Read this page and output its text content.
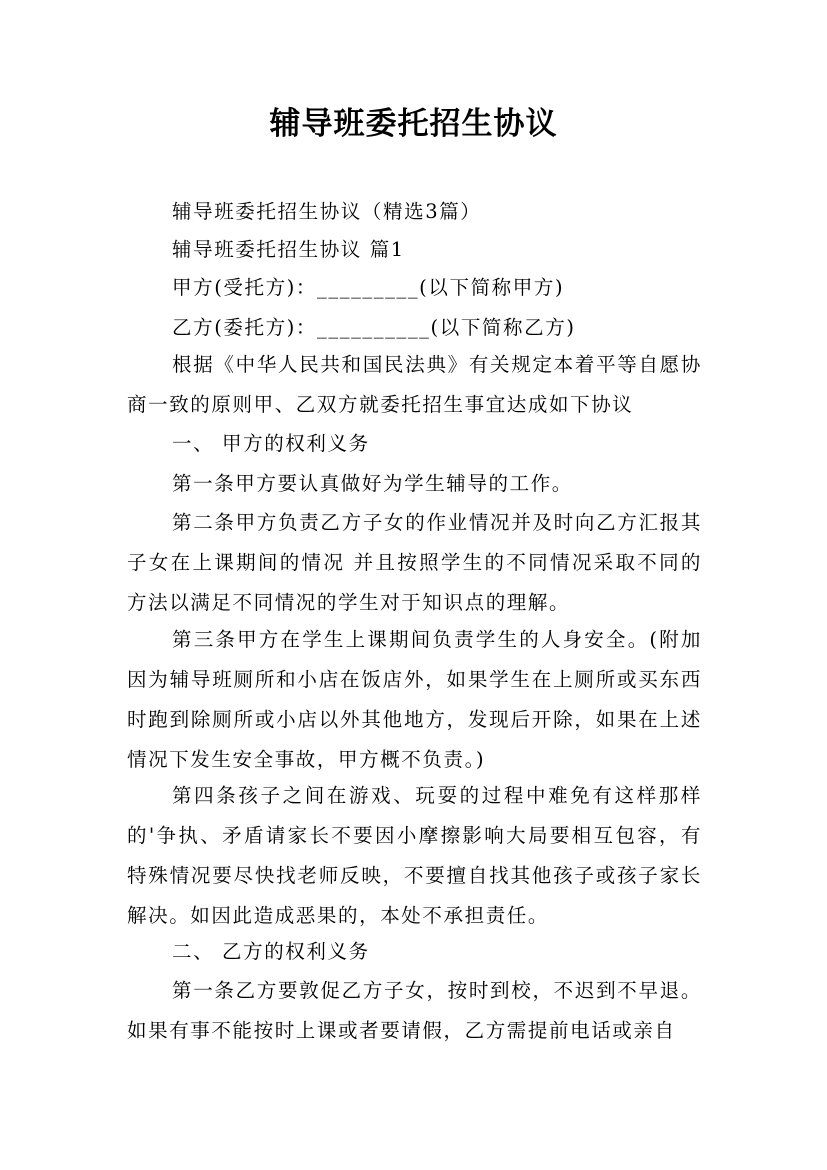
辅导班委托招生协议
辅导班委托招生协议（精选3篇）
辅导班委托招生协议 篇1
甲方(受托方)：_________(以下简称甲方)
乙方(委托方)：__________(以下简称乙方)
根据《中华人民共和国民法典》有关规定本着平等自愿协商一致的原则甲、乙双方就委托招生事宜达成如下协议
一、 甲方的权利义务
第一条甲方要认真做好为学生辅导的工作。
第二条甲方负责乙方子女的作业情况并及时向乙方汇报其子女在上课期间的情况 并且按照学生的不同情况采取不同的方法以满足不同情况的学生对于知识点的理解。
第三条甲方在学生上课期间负责学生的人身安全。(附加因为辅导班厕所和小店在饭店外，如果学生在上厕所或买东西时跑到除厕所或小店以外其他地方，发现后开除，如果在上述情况下发生安全事故，甲方概不负责。)
第四条孩子之间在游戏、玩耍的过程中难免有这样那样的'争执、矛盾请家长不要因小摩擦影响大局要相互包容，有特殊情况要尽快找老师反映，不要擅自找其他孩子或孩子家长解决。如因此造成恶果的，本处不承担责任。
二、 乙方的权利义务
第一条乙方要敦促乙方子女，按时到校，不迟到不早退。如果有事不能按时上课或者要请假，乙方需提前电话或亲自
